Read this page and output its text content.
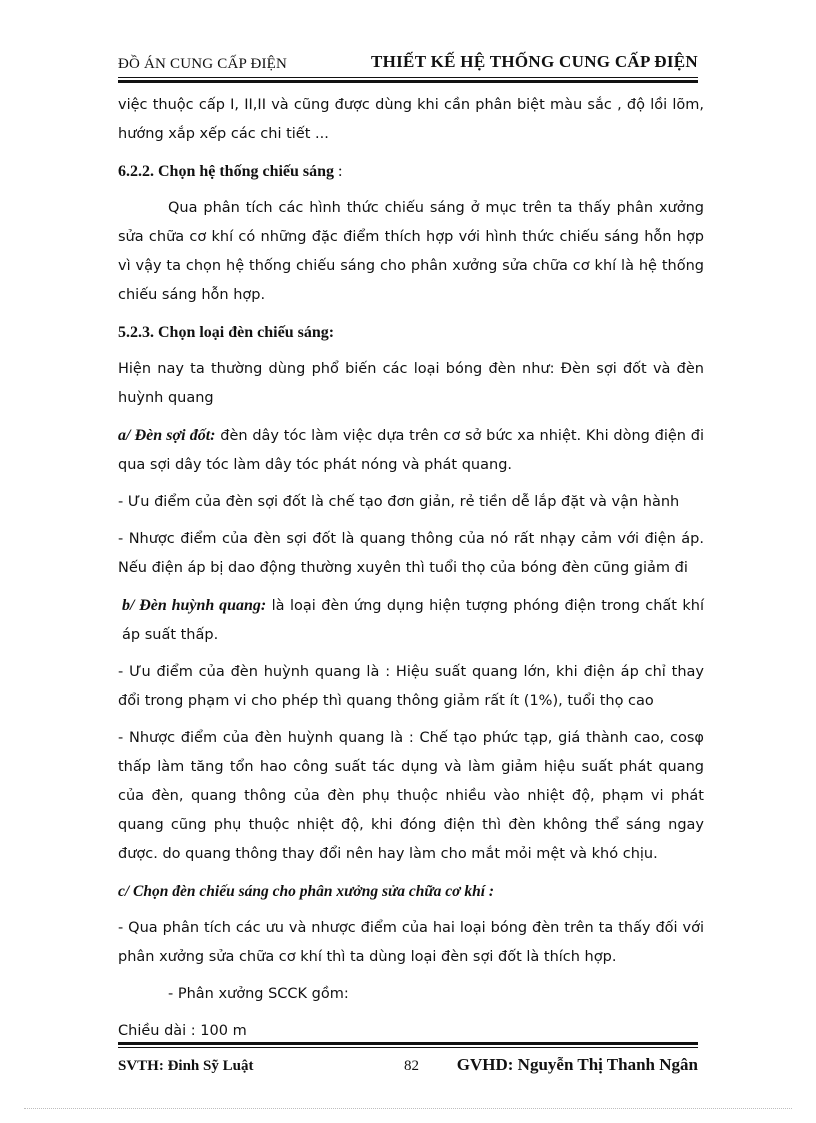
ĐỒ ÁN CUNG CẤP ĐIỆN	THIẾT KẾ HỆ THỐNG CUNG CẤP ĐIỆN

việc thuộc cấp I, II,II và cũng được dùng khi cần phân biệt màu sắc , độ lồi lõm, hướng xắp xếp các chi tiết ...

6.2.2. Chọn hệ thống chiếu sáng :

Qua phân tích các hình thức chiếu sáng ở mục trên ta thấy phân xưởng sửa chữa cơ khí có những đặc điểm thích hợp với hình thức chiếu sáng hỗn hợp vì vậy ta chọn hệ thống chiếu sáng cho phân xưởng sửa chữa cơ khí là hệ thống chiếu sáng hỗn hợp.

5.2.3. Chọn loại đèn chiếu sáng:

Hiện nay ta thường dùng phổ biến các loại bóng đèn như: Đèn sợi đốt và đèn huỳnh quang

a/ Đèn sợi đốt: đèn dây tóc làm việc dựa trên cơ sở bức xa nhiệt. Khi dòng điện đi qua sợi dây tóc làm dây tóc phát nóng và phát quang.

- Ưu điểm của đèn sợi đốt là chế tạo đơn giản, rẻ tiền dễ lắp đặt và vận hành

- Nhược điểm của đèn sợi đốt là quang thông của nó rất nhạy cảm với điện áp. Nếu điện áp bị dao động thường xuyên thì tuổi thọ của bóng đèn cũng giảm đi

b/ Đèn huỳnh quang: là loại đèn ứng dụng hiện tượng phóng điện trong chất khí áp suất thấp.

- Ưu điểm của đèn huỳnh quang là : Hiệu suất quang lớn, khi điện áp chỉ thay đổi trong phạm vi cho phép thì quang thông giảm rất ít (1%), tuổi thọ cao

- Nhược điểm của đèn huỳnh quang là : Chế tạo phức tạp, giá thành cao, cosφ thấp làm tăng tổn hao công suất tác dụng và làm giảm hiệu suất phát quang của đèn, quang thông của đèn phụ thuộc nhiều vào nhiệt độ, phạm vi phát quang cũng phụ thuộc nhiệt độ, khi đóng điện thì đèn không thể sáng ngay được. do quang thông thay đổi nên hay làm cho mắt mỏi mệt và khó chịu.

c/ Chọn đèn chiếu sáng cho phân xưởng sửa chữa cơ khí :

- Qua phân tích các ưu và nhược điểm của hai loại bóng đèn trên ta thấy đối với phân xưởng sửa chữa cơ khí thì ta dùng loại đèn sợi đốt là thích hợp.

- Phân xưởng SCCK gồm:

Chiều dài : 100 m

SVTH: Đinh Sỹ Luật	82 GVHD: Nguyễn Thị Thanh Ngân
